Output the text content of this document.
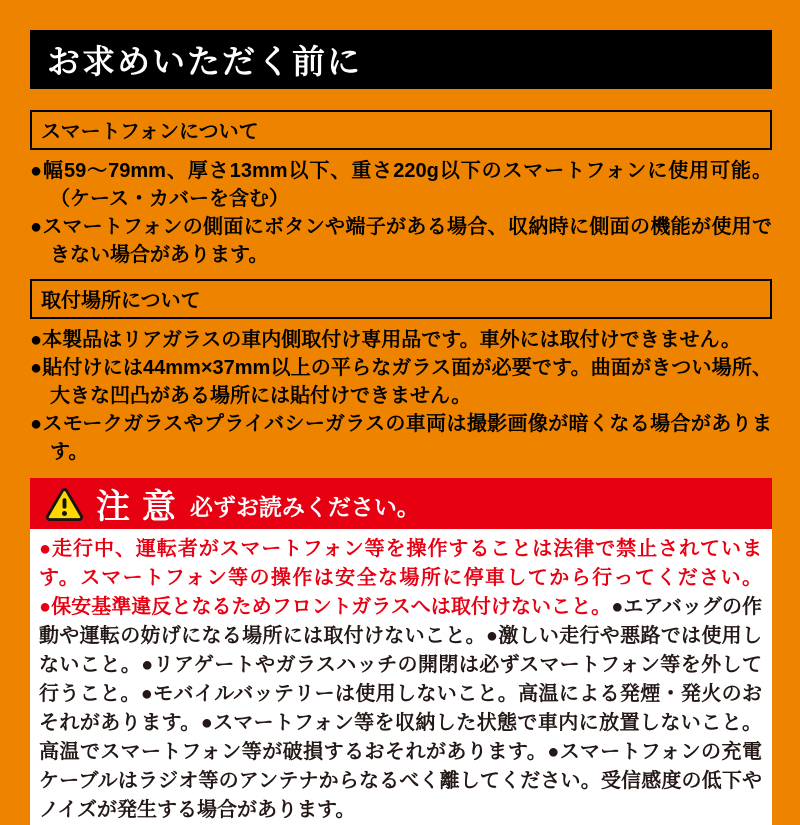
お求めいただく前に
スマートフォンについて

●幅59～79mm、厚さ13mm以下、重さ220g以下のスマートフォンに使用可能。（ケース・カバーを含む）

●スマートフォンの側面にボタンや端子がある場合、収納時に側面の機能が使用できない場合があります。

取付場所について

●本製品はリアガラスの車内側取付け専用品です。車外には取付けできません。

●貼付けには44mm×37mm以上の平らなガラス面が必要です。曲面がきつい場所、大きな凹凸がある場所には貼付けできません。

●スモークガラスやプライバシーガラスの車両は撮影画像が暗くなる場合があります。

注意 必ずお読みください。

●走行中、運転者がスマートフォン等を操作することは法律で禁止されています。スマートフォン等の操作は安全な場所に停車してから行ってください。

●保安基準違反となるためフロントガラスへは取付けないこと。●エアバッグの作動や運転の妨げになる場所には取付けないこと。●激しい走行や悪路では使用しないこと。●リアゲートやガラスハッチの開閉は必ずスマートフォン等を外して行うこと。●モバイルバッテリーは使用しないこと。高温による発煙・発火のおそれがあります。●スマートフォン等を収納した状態で車内に放置しないこと。高温でスマートフォン等が破損するおそれがあります。●スマートフォンの充電ケーブルはラジオ等のアンテナからなるべく離してください。受信感度の低下やノイズが発生する場合があります。
